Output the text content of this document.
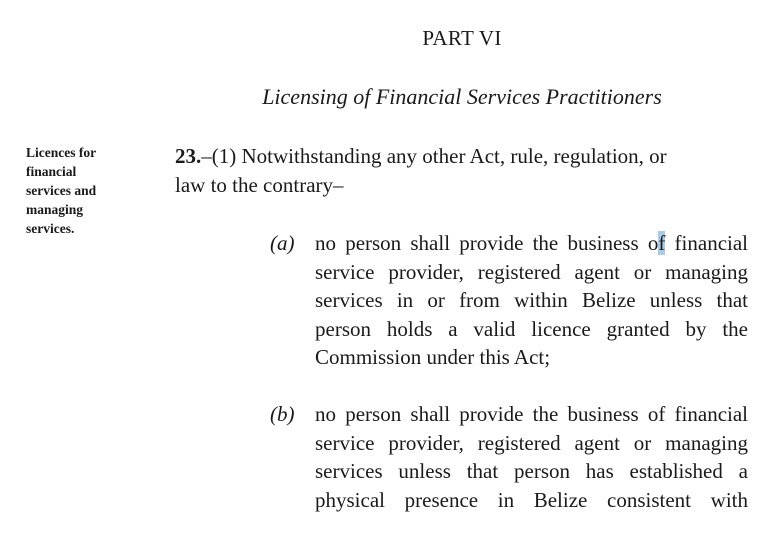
PART VI
Licensing of Financial Services Practitioners
Licences for
financial
services and
managing
services.
23.–(1) Notwithstanding any other Act, rule, regulation, or
law to the contrary–
(a) no person shall provide the business of financial
service provider, registered agent or managing
services in or from within Belize unless that
person holds a valid licence granted by the
Commission under this Act;
(b) no person shall provide the business of financial
service provider, registered agent or managing
services unless that person has established a
physical presence in Belize consistent with
